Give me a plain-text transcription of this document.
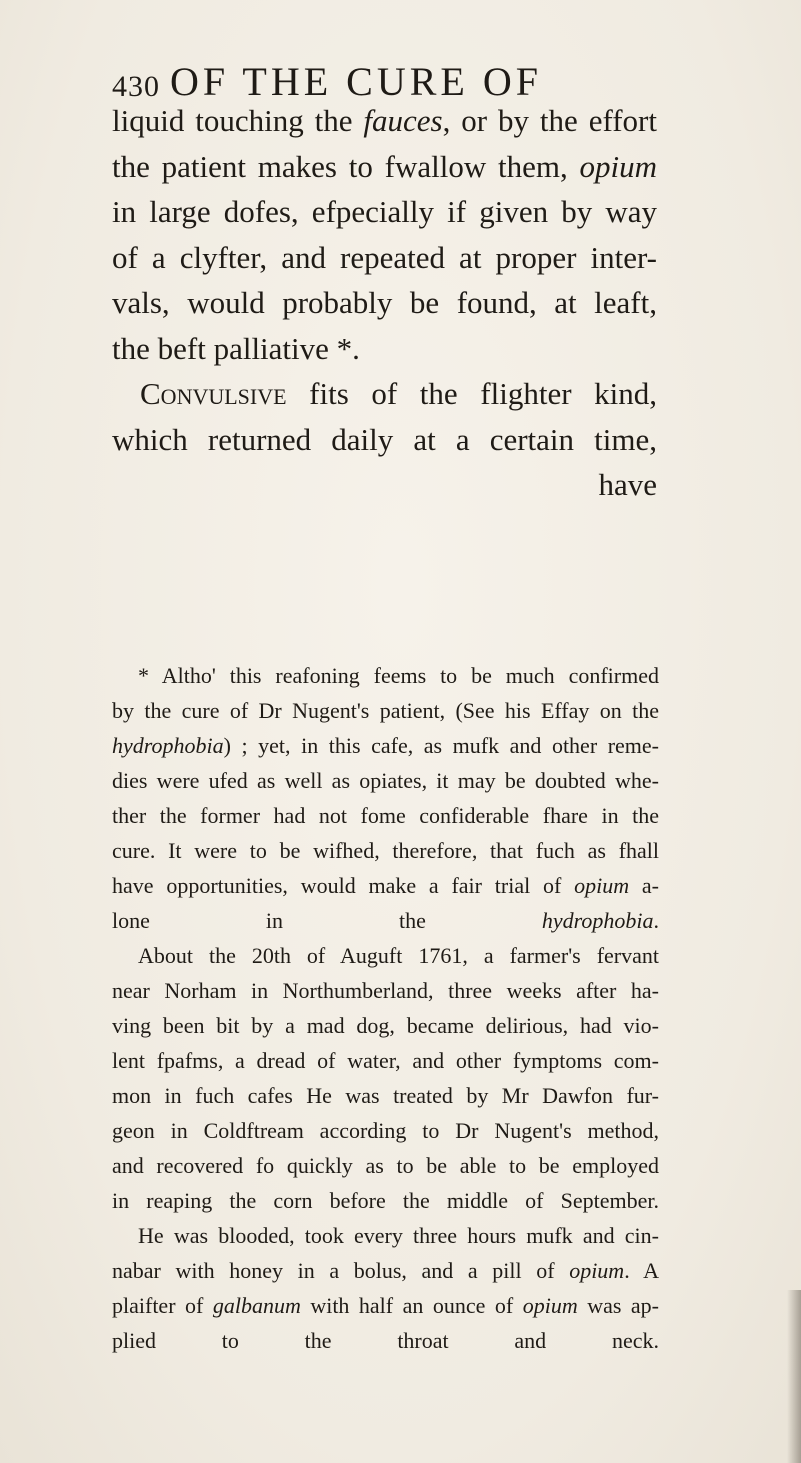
430 OF THE CURE OF
liquid touching the fauces, or by the effort
the patient makes to fwallow them, opium
in large dofes, efpecially if given by way
of a clyfter, and repeated at proper inter-
vals, would probably be found, at leaft,
the beft palliative *.
Convulsive fits of the flighter kind,
which returned daily at a certain time,
have
* Altho' this reafoning feems to be much confirmed
by the cure of Dr Nugent's patient, (See his Effay on the
hydrophobia) ; yet, in this cafe, as mufk and other reme-
dies were ufed as well as opiates, it may be doubted whe-
ther the former had not fome confiderable fhare in the
cure. It were to be wifhed, therefore, that fuch as fhall
have opportunities, would make a fair trial of opium a-
lone in the hydrophobia.
About the 20th of Auguft 1761, a farmer's fervant
near Norham in Northumberland, three weeks after ha-
ving been bit by a mad dog, became delirious, had vio-
lent fpafms, a dread of water, and other fymptoms com-
mon in fuch cafes He was treated by Mr Dawfon fur-
geon in Coldftream according to Dr Nugent's method,
and recovered fo quickly as to be able to be employed
in reaping the corn before the middle of September.
He was blooded, took every three hours mufk and cin-
nabar with honey in a bolus, and a pill of opium. A
plaifter of galbanum with half an ounce of opium was ap-
plied to the throat and neck.
